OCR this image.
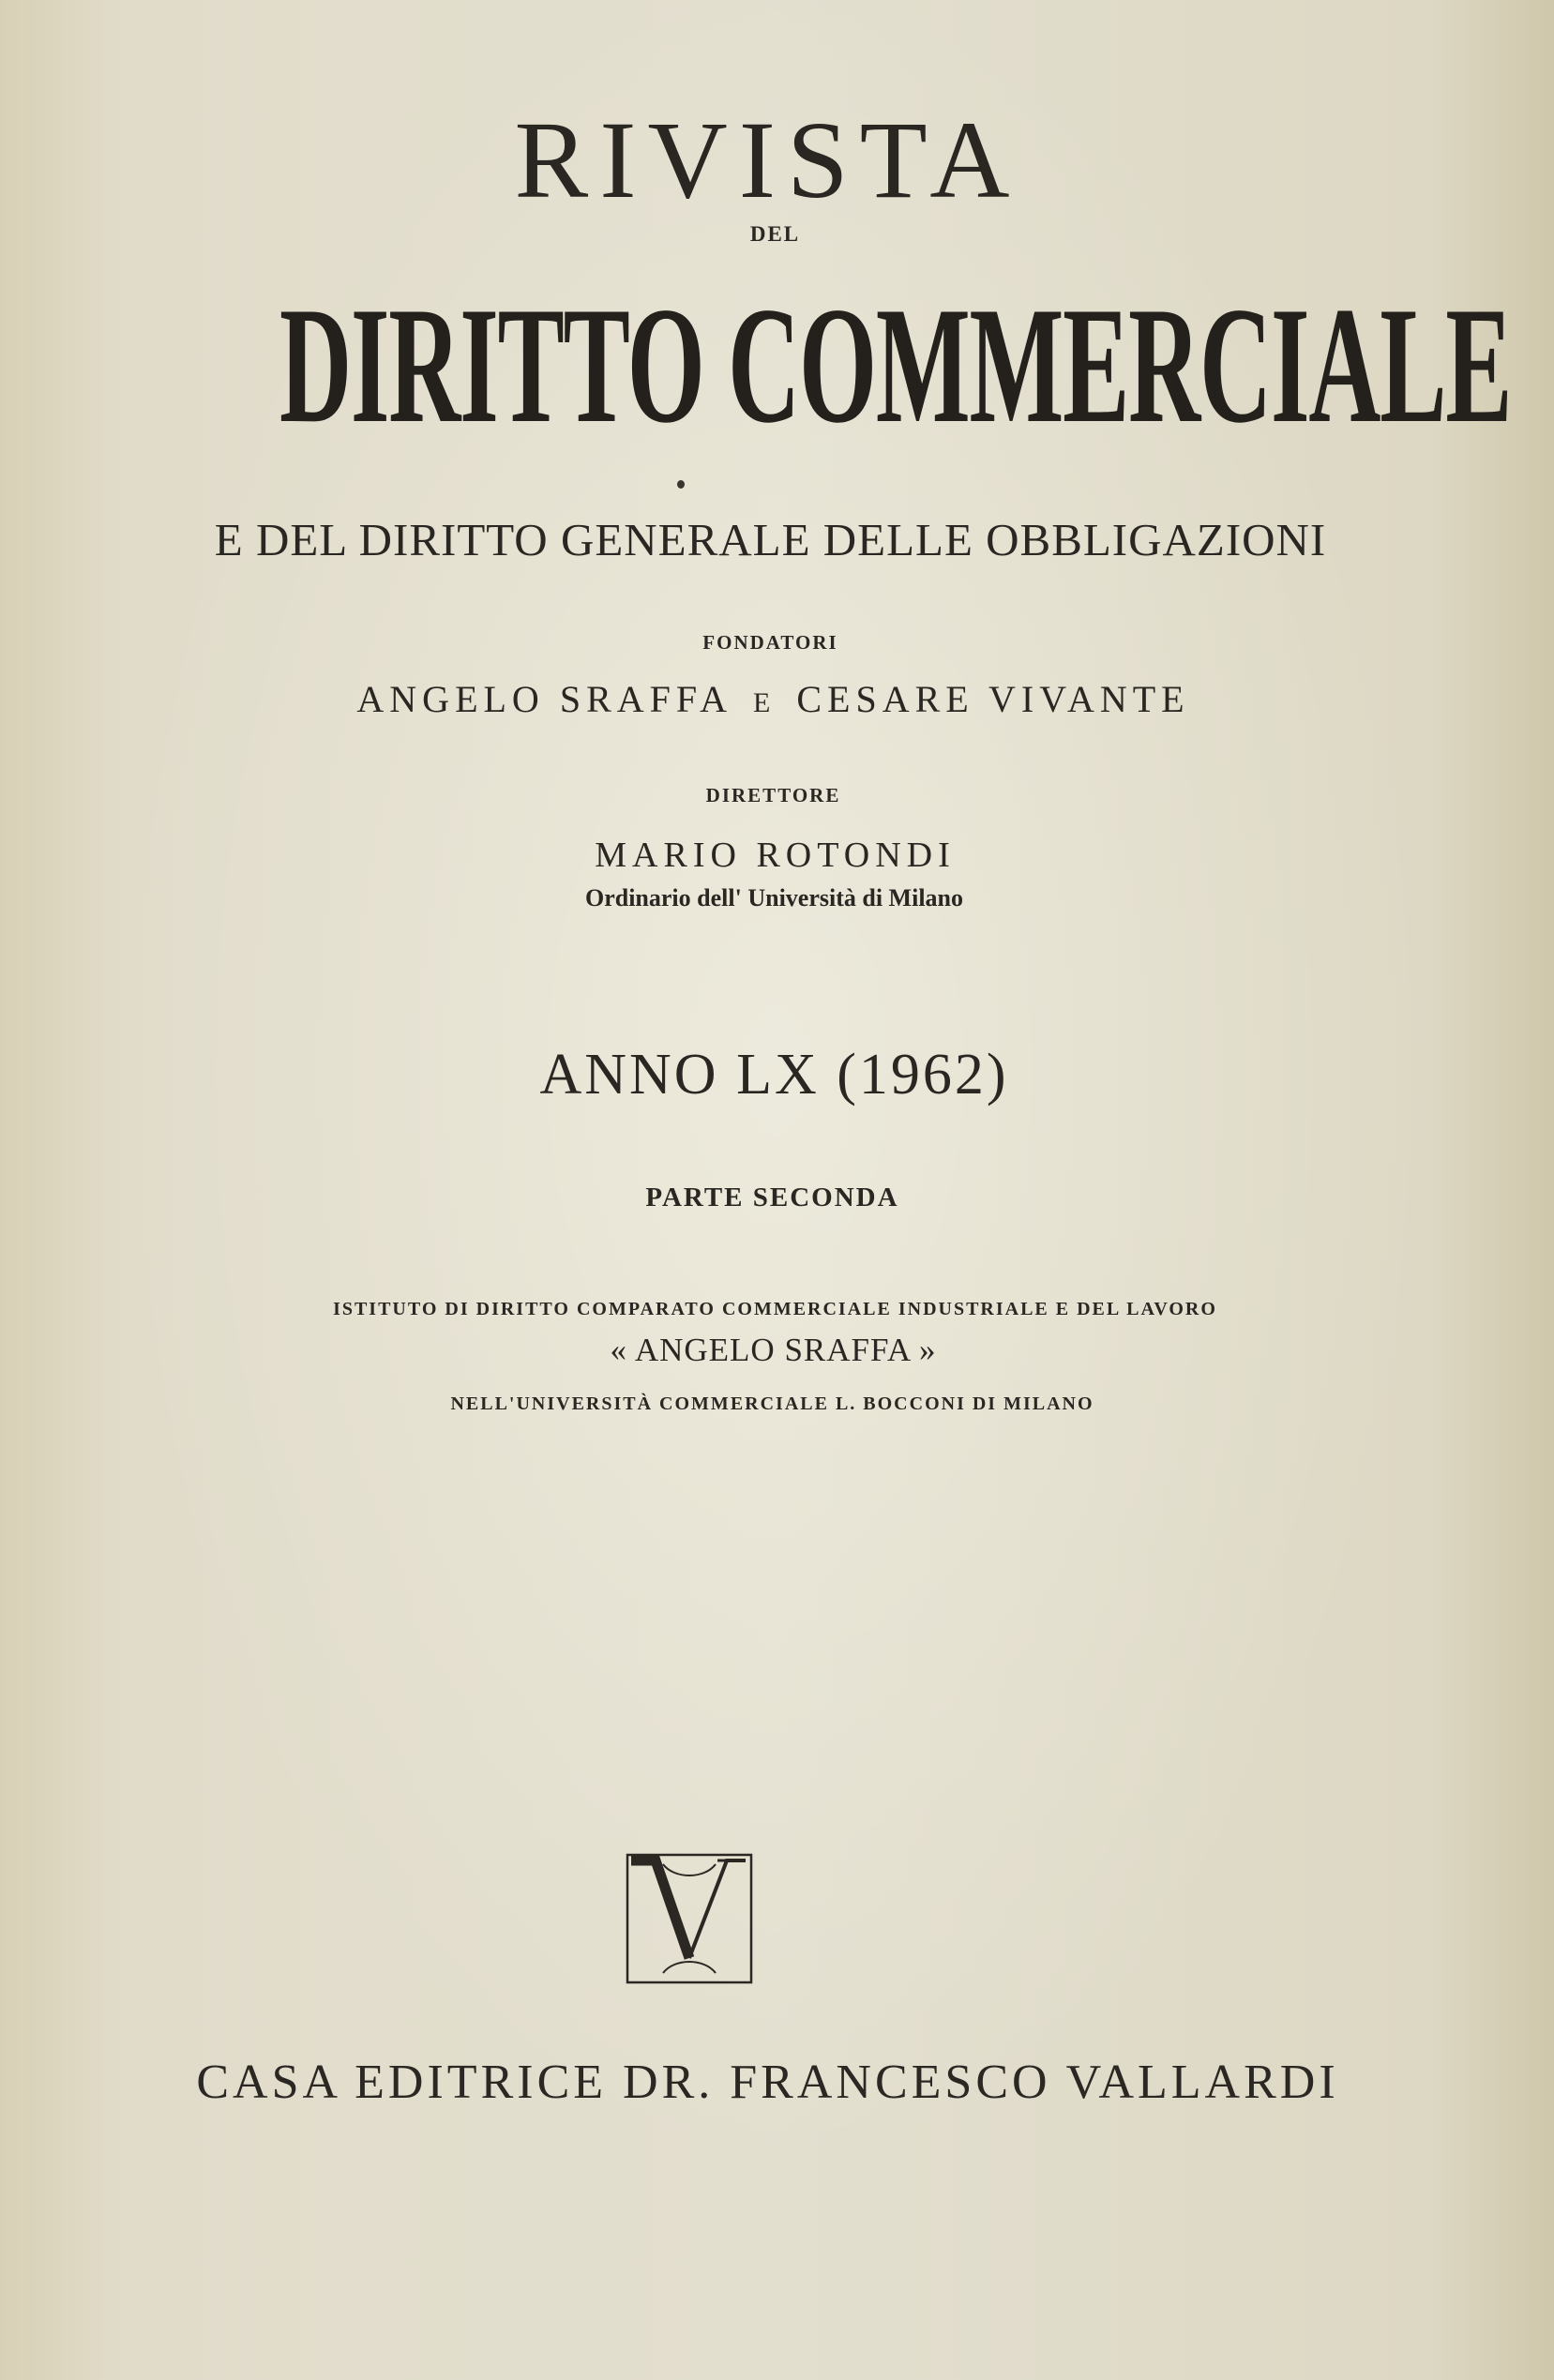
RIVISTA
DEL
DIRITTO COMMERCIALE
E DEL DIRITTO GENERALE DELLE OBBLIGAZIONI
FONDATORI
ANGELO SRAFFA E CESARE VIVANTE
DIRETTORE
MARIO ROTONDI
Ordinario dell' Università di Milano
ANNO LX (1962)
PARTE SECONDA
ISTITUTO DI DIRITTO COMPARATO COMMERCIALE INDUSTRIALE E DEL LAVORO
« ANGELO SRAFFA »
NELL'UNIVERSITÀ COMMERCIALE L. BOCCONI DI MILANO
CASA EDITRICE DR. FRANCESCO VALLARDI
